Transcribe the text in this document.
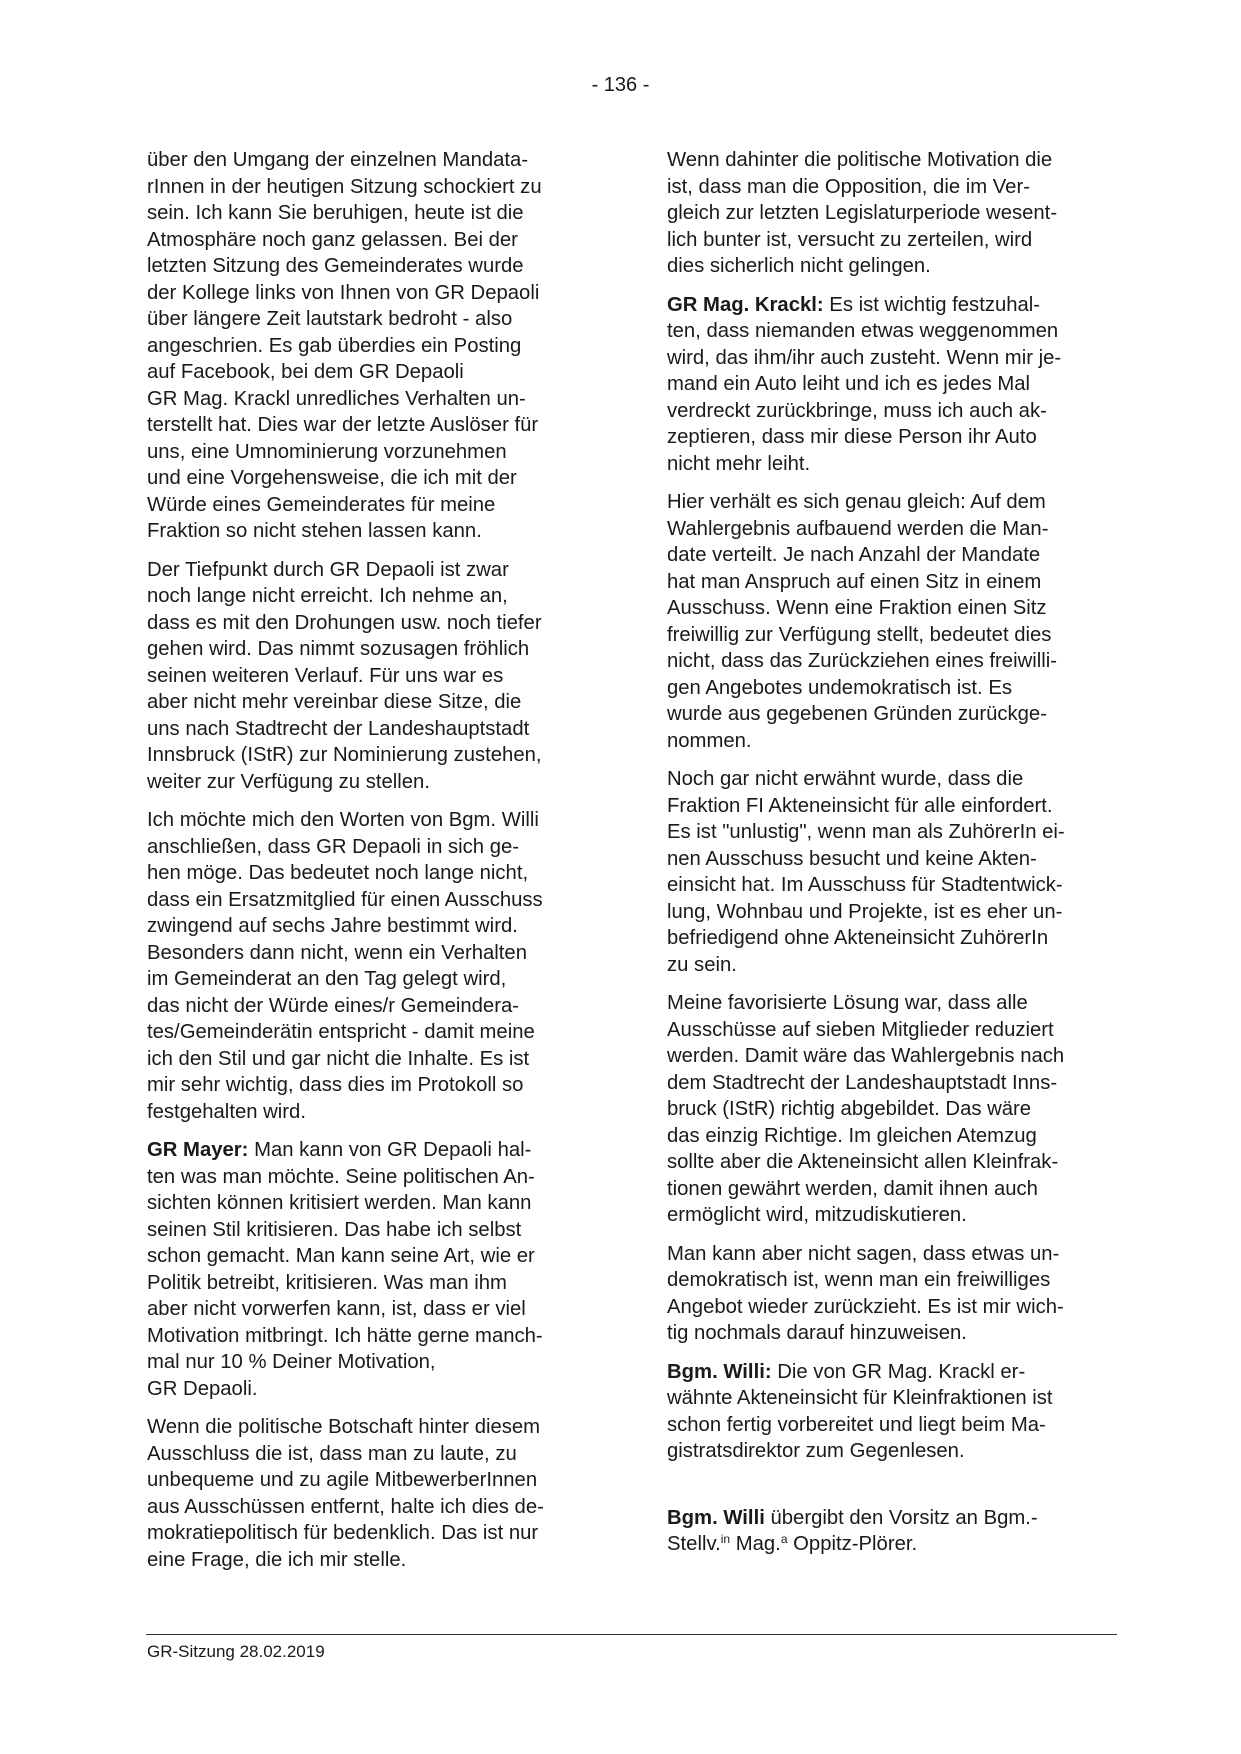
- 136 -

über den Umgang der einzelnen Mandata-
rInnen in der heutigen Sitzung schockiert zu
sein. Ich kann Sie beruhigen, heute ist die
Atmosphäre noch ganz gelassen. Bei der
letzten Sitzung des Gemeinderates wurde
der Kollege links von Ihnen von GR Depaoli
über längere Zeit lautstark bedroht - also
angeschrien. Es gab überdies ein Posting
auf Facebook, bei dem GR Depaoli
GR Mag. Krackl unredliches Verhalten un-
terstellt hat. Dies war der letzte Auslöser für
uns, eine Umnominierung vorzunehmen
und eine Vorgehensweise, die ich mit der
Würde eines Gemeinderates für meine
Fraktion so nicht stehen lassen kann.

Der Tiefpunkt durch GR Depaoli ist zwar
noch lange nicht erreicht. Ich nehme an,
dass es mit den Drohungen usw. noch tiefer
gehen wird. Das nimmt sozusagen fröhlich
seinen weiteren Verlauf. Für uns war es
aber nicht mehr vereinbar diese Sitze, die
uns nach Stadtrecht der Landeshauptstadt
Innsbruck (IStR) zur Nominierung zustehen,
weiter zur Verfügung zu stellen.

Ich möchte mich den Worten von Bgm. Willi
anschließen, dass GR Depaoli in sich ge-
hen möge. Das bedeutet noch lange nicht,
dass ein Ersatzmitglied für einen Ausschuss
zwingend auf sechs Jahre bestimmt wird.
Besonders dann nicht, wenn ein Verhalten
im Gemeinderat an den Tag gelegt wird,
das nicht der Würde eines/r Gemeindera-
tes/Gemeinderätin entspricht - damit meine
ich den Stil und gar nicht die Inhalte. Es ist
mir sehr wichtig, dass dies im Protokoll so
festgehalten wird.

GR Mayer: Man kann von GR Depaoli hal-
ten was man möchte. Seine politischen An-
sichten können kritisiert werden. Man kann
seinen Stil kritisieren. Das habe ich selbst
schon gemacht. Man kann seine Art, wie er
Politik betreibt, kritisieren. Was man ihm
aber nicht vorwerfen kann, ist, dass er viel
Motivation mitbringt. Ich hätte gerne manch-
mal nur 10 % Deiner Motivation,
GR Depaoli.

Wenn die politische Botschaft hinter diesem
Ausschluss die ist, dass man zu laute, zu
unbequeme und zu agile MitbewerberInnen
aus Ausschüssen entfernt, halte ich dies de-
mokratiepolitisch für bedenklich. Das ist nur
eine Frage, die ich mir stelle.

Wenn dahinter die politische Motivation die
ist, dass man die Opposition, die im Ver-
gleich zur letzten Legislaturperiode wesent-
lich bunter ist, versucht zu zerteilen, wird
dies sicherlich nicht gelingen.

GR Mag. Krackl: Es ist wichtig festzuhal-
ten, dass niemanden etwas weggenommen
wird, das ihm/ihr auch zusteht. Wenn mir je-
mand ein Auto leiht und ich es jedes Mal
verdreckt zurückbringe, muss ich auch ak-
zeptieren, dass mir diese Person ihr Auto
nicht mehr leiht.

Hier verhält es sich genau gleich: Auf dem
Wahlergebnis aufbauend werden die Man-
date verteilt. Je nach Anzahl der Mandate
hat man Anspruch auf einen Sitz in einem
Ausschuss. Wenn eine Fraktion einen Sitz
freiwillig zur Verfügung stellt, bedeutet dies
nicht, dass das Zurückziehen eines freiwilli-
gen Angebotes undemokratisch ist. Es
wurde aus gegebenen Gründen zurückge-
nommen.

Noch gar nicht erwähnt wurde, dass die
Fraktion FI Akteneinsicht für alle einfordert.
Es ist "unlustig", wenn man als ZuhörerIn ei-
nen Ausschuss besucht und keine Akten-
einsicht hat. Im Ausschuss für Stadtentwick-
lung, Wohnbau und Projekte, ist es eher un-
befriedigend ohne Akteneinsicht ZuhörerIn
zu sein.

Meine favorisierte Lösung war, dass alle
Ausschüsse auf sieben Mitglieder reduziert
werden. Damit wäre das Wahlergebnis nach
dem Stadtrecht der Landeshauptstadt Inns-
bruck (IStR) richtig abgebildet. Das wäre
das einzig Richtige. Im gleichen Atemzug
sollte aber die Akteneinsicht allen Kleinfrak-
tionen gewährt werden, damit ihnen auch
ermöglicht wird, mitzudiskutieren.

Man kann aber nicht sagen, dass etwas un-
demokratisch ist, wenn man ein freiwilliges
Angebot wieder zurückzieht. Es ist mir wich-
tig nochmals darauf hinzuweisen.

Bgm. Willi: Die von GR Mag. Krackl er-
wähnte Akteneinsicht für Kleinfraktionen ist
schon fertig vorbereitet und liegt beim Ma-
gistratsdirektor zum Gegenlesen.

Bgm. Willi übergibt den Vorsitz an Bgm.-
Stellv.$^{in}$ Mag.$^a$ Oppitz-Plörer.

GR-Sitzung 28.02.2019
